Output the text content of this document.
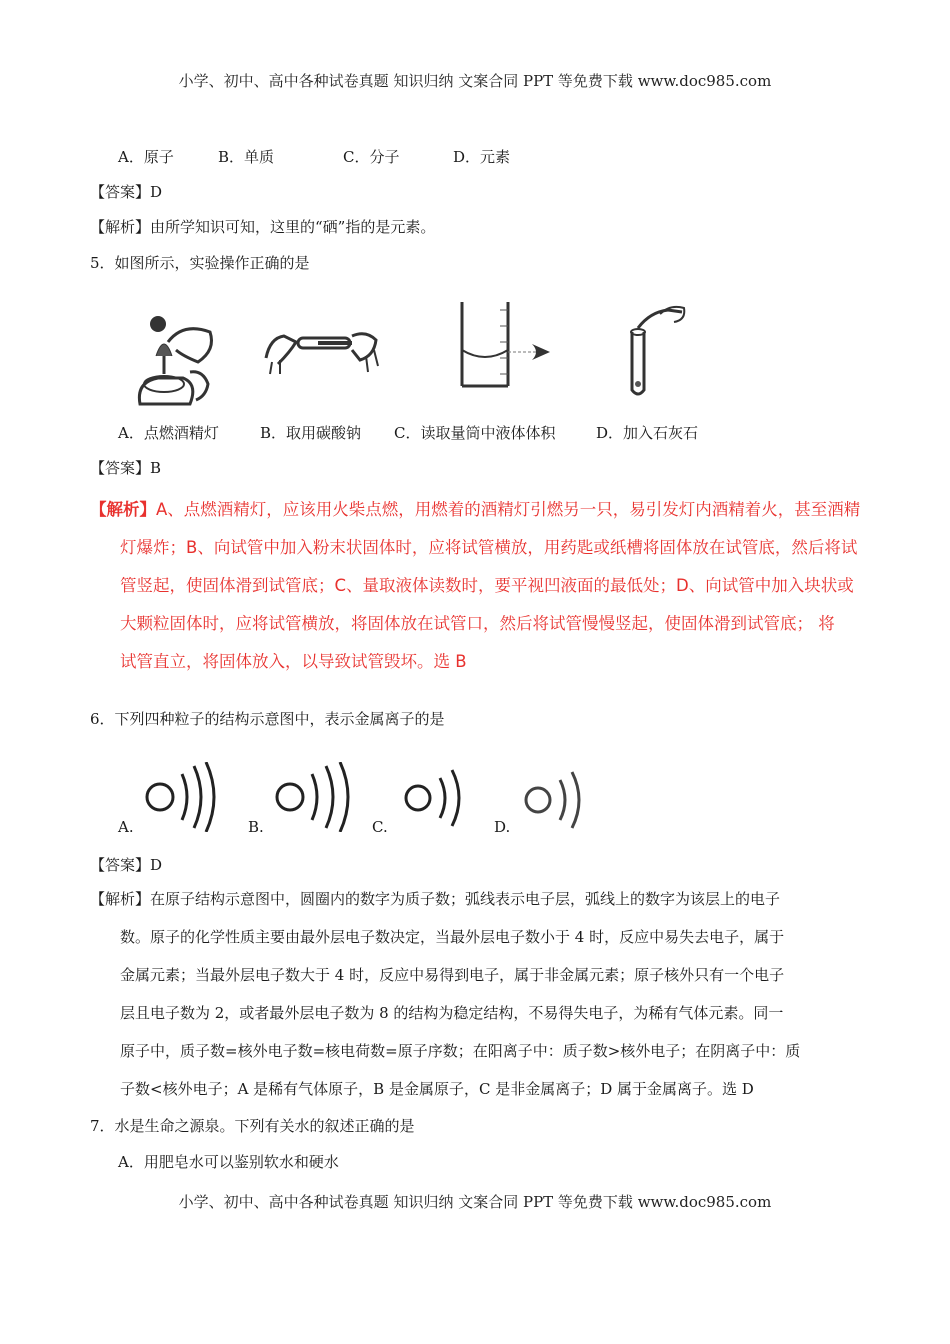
小学、初中、高中各种试卷真题 知识归纳 文案合同 PPT 等免费下载 www.doc985.com
A．原子	B．单质	C．分子	D．元素
【答案】D
【解析】由所学知识可知，这里的“硒”指的是元素。
5．如图所示，实验操作正确的是
A．点燃酒精灯	B．取用碳酸钠 C．读取量筒中液体体积	D．加入石灰石
【答案】B
【解析】A、点燃酒精灯，应该用火柴点燃，用燃着的酒精灯引燃另一只，易引发灯内酒精着火，甚至酒精
灯爆炸；B、向试管中加入粉末状固体时，应将试管横放，用药匙或纸槽将固体放在试管底，然后将试
管竖起，使固体滑到试管底；C、量取液体读数时，要平视凹液面的最低处；D、向试管中加入块状或
大颗粒固体时，应将试管横放，将固体放在试管口，然后将试管慢慢竖起，使固体滑到试管底； 将
试管直立，将固体放入，以导致试管毁坏。选 B
6．下列四种粒子的结构示意图中，表示金属离子的是
A.	B.	C.	D.
【答案】D
【解析】在原子结构示意图中，圆圈内的数字为质子数；弧线表示电子层，弧线上的数字为该层上的电子
数。原子的化学性质主要由最外层电子数决定，当最外层电子数小于 4 时，反应中易失去电子，属于
金属元素；当最外层电子数大于 4 时，反应中易得到电子，属于非金属元素；原子核外只有一个电子
层且电子数为 2，或者最外层电子数为 8 的结构为稳定结构，不易得失电子，为稀有气体元素。同一
原子中，质子数=核外电子数=核电荷数=原子序数；在阳离子中：质子数>核外电子；在阴离子中：质
子数<核外电子；A 是稀有气体原子，B 是金属原子，C 是非金属离子；D 属于金属离子。选 D
7．水是生命之源泉。下列有关水的叙述正确的是
A．用肥皂水可以鉴别软水和硬水
小学、初中、高中各种试卷真题 知识归纳 文案合同 PPT 等免费下载 www.doc985.com
